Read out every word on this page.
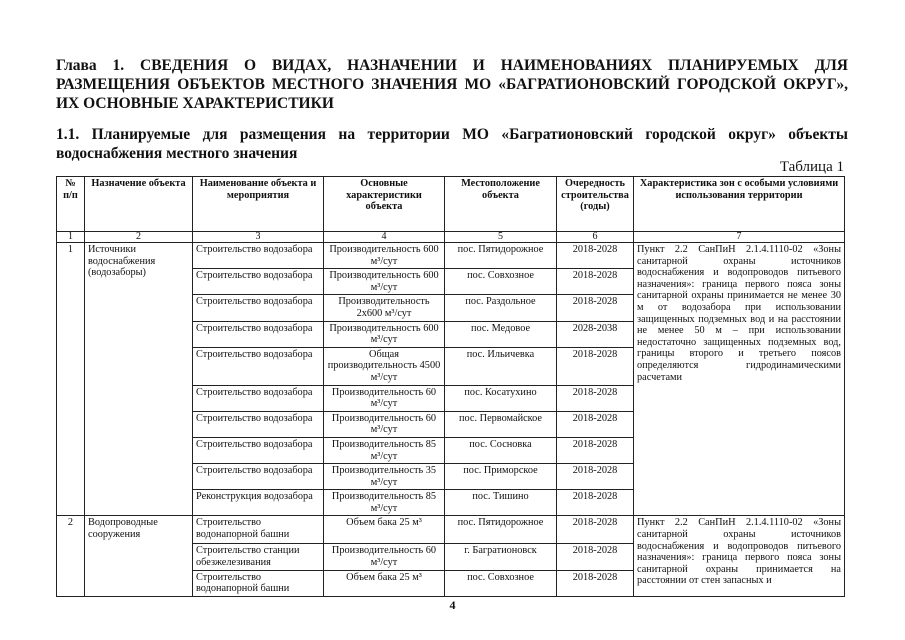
Глава 1. СВЕДЕНИЯ О ВИДАХ, НАЗНАЧЕНИИ И НАИМЕНОВАНИЯХ ПЛАНИРУЕМЫХ ДЛЯ РАЗМЕЩЕНИЯ ОБЪЕКТОВ МЕСТНОГО ЗНАЧЕНИЯ МО «БАГРАТИОНОВСКИЙ ГОРОДСКОЙ ОКРУГ», ИХ ОСНОВНЫЕ ХАРАКТЕРИСТИКИ

1.1. Планируемые для размещения на территории МО «Багратионовский городской округ» объекты водоснабжения местного значения

Таблица 1

№ п/п	Назначение объекта	Наименование объекта и мероприятия	Основные характеристики объекта	Местоположение объекта	Очередность строительства (годы)	Характеристика зон с особыми условиями использования территории
1	2	3	4	5	6	7
1	Источники водоснабжения (водозаборы)	Строительство водозабора	Производительность 600 м³/сут	пос. Пятидорожное	2018-2028	Пункт 2.2 СанПиН 2.1.4.1110-02 «Зоны санитарной охраны источников водоснабжения и водопроводов питьевого назначения»: граница первого пояса зоны санитарной охраны принимается не менее 30 м от водозабора при использовании защищенных подземных вод и на расстоянии не менее 50 м – при использовании недостаточно защищенных подземных вод, границы второго и третьего поясов определяются гидродинамическими расчетами
		Строительство водозабора	Производительность 600 м³/сут	пос. Совхозное	2018-2028	
		Строительство водозабора	Производительность 2х600 м³/сут	пос. Раздольное	2018-2028	
		Строительство водозабора	Производительность 600 м³/сут	пос. Медовое	2028-2038	
		Строительство водозабора	Общая производительность 4500 м³/сут	пос. Ильичевка	2018-2028	
		Строительство водозабора	Производительность 60 м³/сут	пос. Косатухино	2018-2028	
		Строительство водозабора	Производительность 60 м³/сут	пос. Первомайское	2018-2028	
		Строительство водозабора	Производительность 85 м³/сут	пос. Сосновка	2018-2028	
		Строительство водозабора	Производительность 35 м³/сут	пос. Приморское	2018-2028	
		Реконструкция водозабора	Производительность 85 м³/сут	пос. Тишино	2018-2028	
2	Водопроводные сооружения	Строительство водонапорной башни	Объем бака 25 м³	пос. Пятидорожное	2018-2028	Пункт 2.2 СанПиН 2.1.4.1110-02 «Зоны санитарной охраны источников водоснабжения и водопроводов питьевого назначения»: граница первого пояса зоны санитарной охраны принимается на расстоянии от стен запасных и
		Строительство станции обезжелезивания	Производительность 60 м³/сут	г. Багратионовск	2018-2028	
		Строительство водонапорной башни	Объем бака 25 м³	пос. Совхозное	2018-2028	
4
